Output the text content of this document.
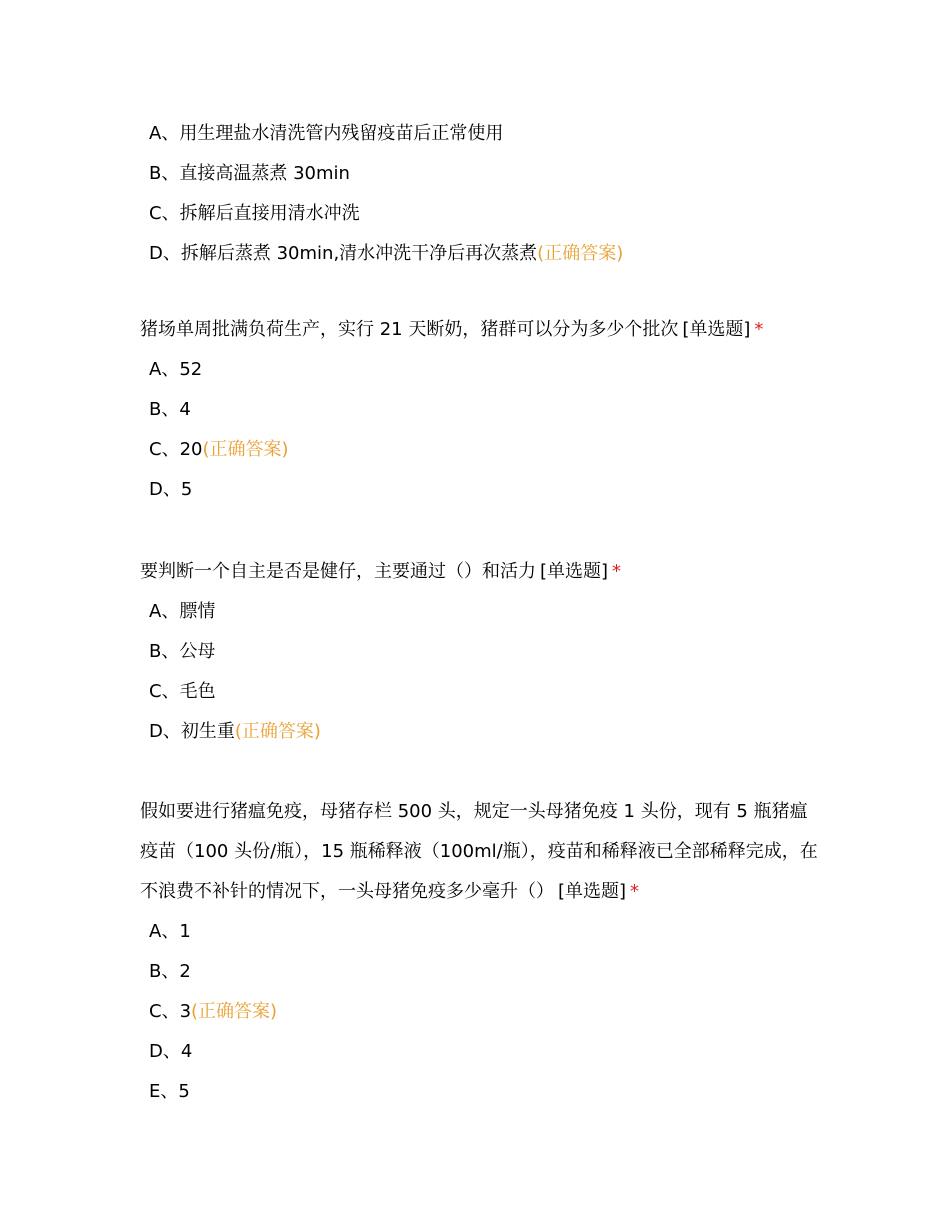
A、用生理盐水清洗管内残留疫苗后正常使用
B、直接高温蒸煮 30min
C、拆解后直接用清水冲洗
D、拆解后蒸煮 30min,清水冲洗干净后再次蒸煮(正确答案)

猪场单周批满负荷生产，实行 21 天断奶，猪群可以分为多少个批次 [单选题] *

A、52
B、4
C、20(正确答案)
D、5

要判断一个自主是否是健仔，主要通过（）和活力 [单选题] *

A、膘情
B、公母
C、毛色
D、初生重(正确答案)

假如要进行猪瘟免疫，母猪存栏 500 头，规定一头母猪免疫 1 头份，现有 5 瓶猪瘟疫苗（100 头份/瓶），15 瓶稀释液（100ml/瓶），疫苗和稀释液已全部稀释完成，在不浪费不补针的情况下，一头母猪免疫多少毫升（） [单选题] *

A、1
B、2
C、3(正确答案)
D、4
E、5
